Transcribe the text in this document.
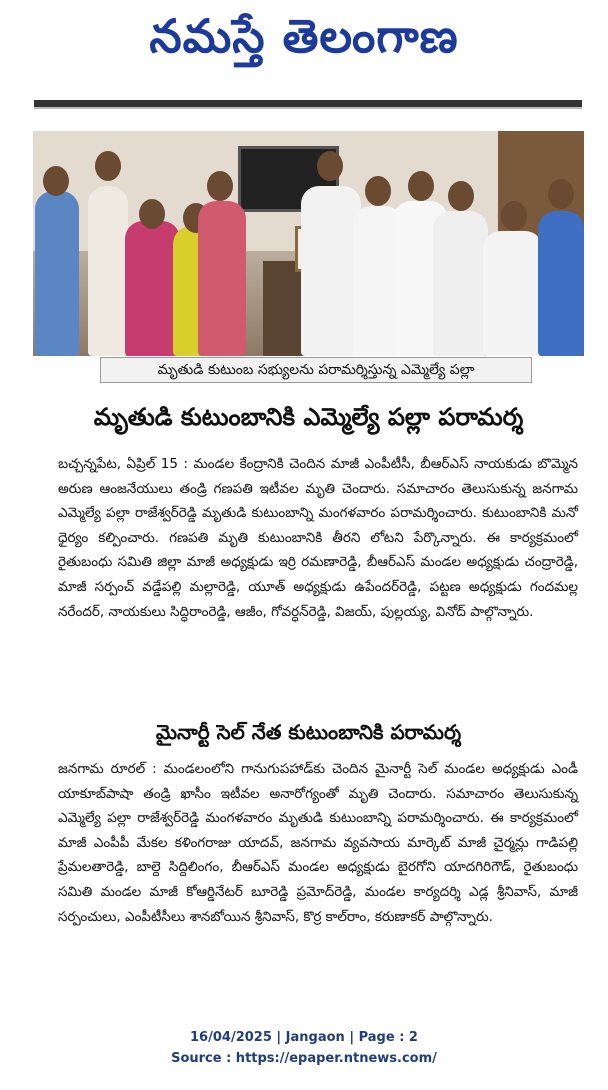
నమస్తే తెలంగాణ
మృతుడి కుటుంబ సభ్యులను పరామర్శిస్తున్న ఎమ్మెల్యే పల్లా
మృతుడి కుటుంబానికి ఎమ్మెల్యే పల్లా పరామర్శ
బచ్చన్నపేట, ఏప్రిల్ 15 : మండల కేంద్రానికి చెందిన మాజీ ఎంపీటీసీ, బీఆర్ఎస్ నాయకుడు బొమ్మెన అరుణ ఆంజనేయులు తండ్రి గణపతి ఇటీవల మృతి చెందారు. సమాచారం తెలుసుకున్న జనగామ ఎమ్మెల్యే పల్లా రాజేశ్వర్‌రెడ్డి మృతుడి కుటుంబాన్ని మంగళవారం పరామర్శించారు. కుటుంబానికి మనో ధైర్యం కల్పించారు. గణపతి మృతి కుటుంబానికి తీరని లోటని పేర్కొన్నారు. ఈ కార్యక్రమంలో రైతుబంధు సమితి జిల్లా మాజీ అధ్యక్షుడు ఇర్రి రమణారెడ్డి, బీఆర్ఎస్ మండల అధ్యక్షుడు చంద్రారెడ్డి, మాజీ సర్పంచ్ వడ్డేపల్లి మల్లారెడ్డి, యూత్ అధ్యక్షుడు ఉపేందర్‌రెడ్డి, పట్టణ అధ్యక్షుడు గందమల్ల నరేందర్, నాయకులు సిద్ధిరాంరెడ్డి, ఆజీం, గోవర్ధన్‌రెడ్డి, విజయ్, పుల్లయ్య, వినోద్ పాల్గొన్నారు.
మైనార్టీ సెల్ నేత కుటుంబానికి పరామర్శ
జనగామ రూరల్ : మండలంలోని గానుగుపహాడ్‌కు చెందిన మైనార్టీ సెల్ మండల అధ్యక్షుడు ఎండీ యాకూబ్‌పాషా తండ్రి ఖాసీం ఇటీవల అనారోగ్యంతో మృతి చెందారు. సమాచారం తెలుసుకున్న ఎమ్మెల్యే పల్లా రాజేశ్వర్‌రెడ్డి మంగళవారం మృతుడి కుటుంబాన్ని పరామర్శించారు. ఈ కార్యక్రమంలో మాజీ ఎంపీపీ మేకల కళింగరాజు యాదవ్, జనగామ వ్యవసాయ మార్కెట్ మాజీ చైర్మన్లు గాడిపల్లి ప్రేమలతారెడ్డి, బాల్దె సిద్దిలింగం, బీఆర్ఎస్ మండల అధ్యక్షుడు బైరగోని యాదగిరిగౌడ్, రైతుబంధు సమితి మండల మాజీ కోఆర్డినేటర్ బూరెడ్డి ప్రమోద్‌రెడ్డి, మండల కార్యదర్శి ఎడ్ల శ్రీనివాస్, మాజీ సర్పంచులు, ఎంపీటీసీలు శానబోయిన శ్రీనివాస్, కొర్ర కాల్‌రాం, కరుణాకర్ పాల్గొన్నారు.
16/04/2025 | Jangaon | Page : 2
Source : https://epaper.ntnews.com/
